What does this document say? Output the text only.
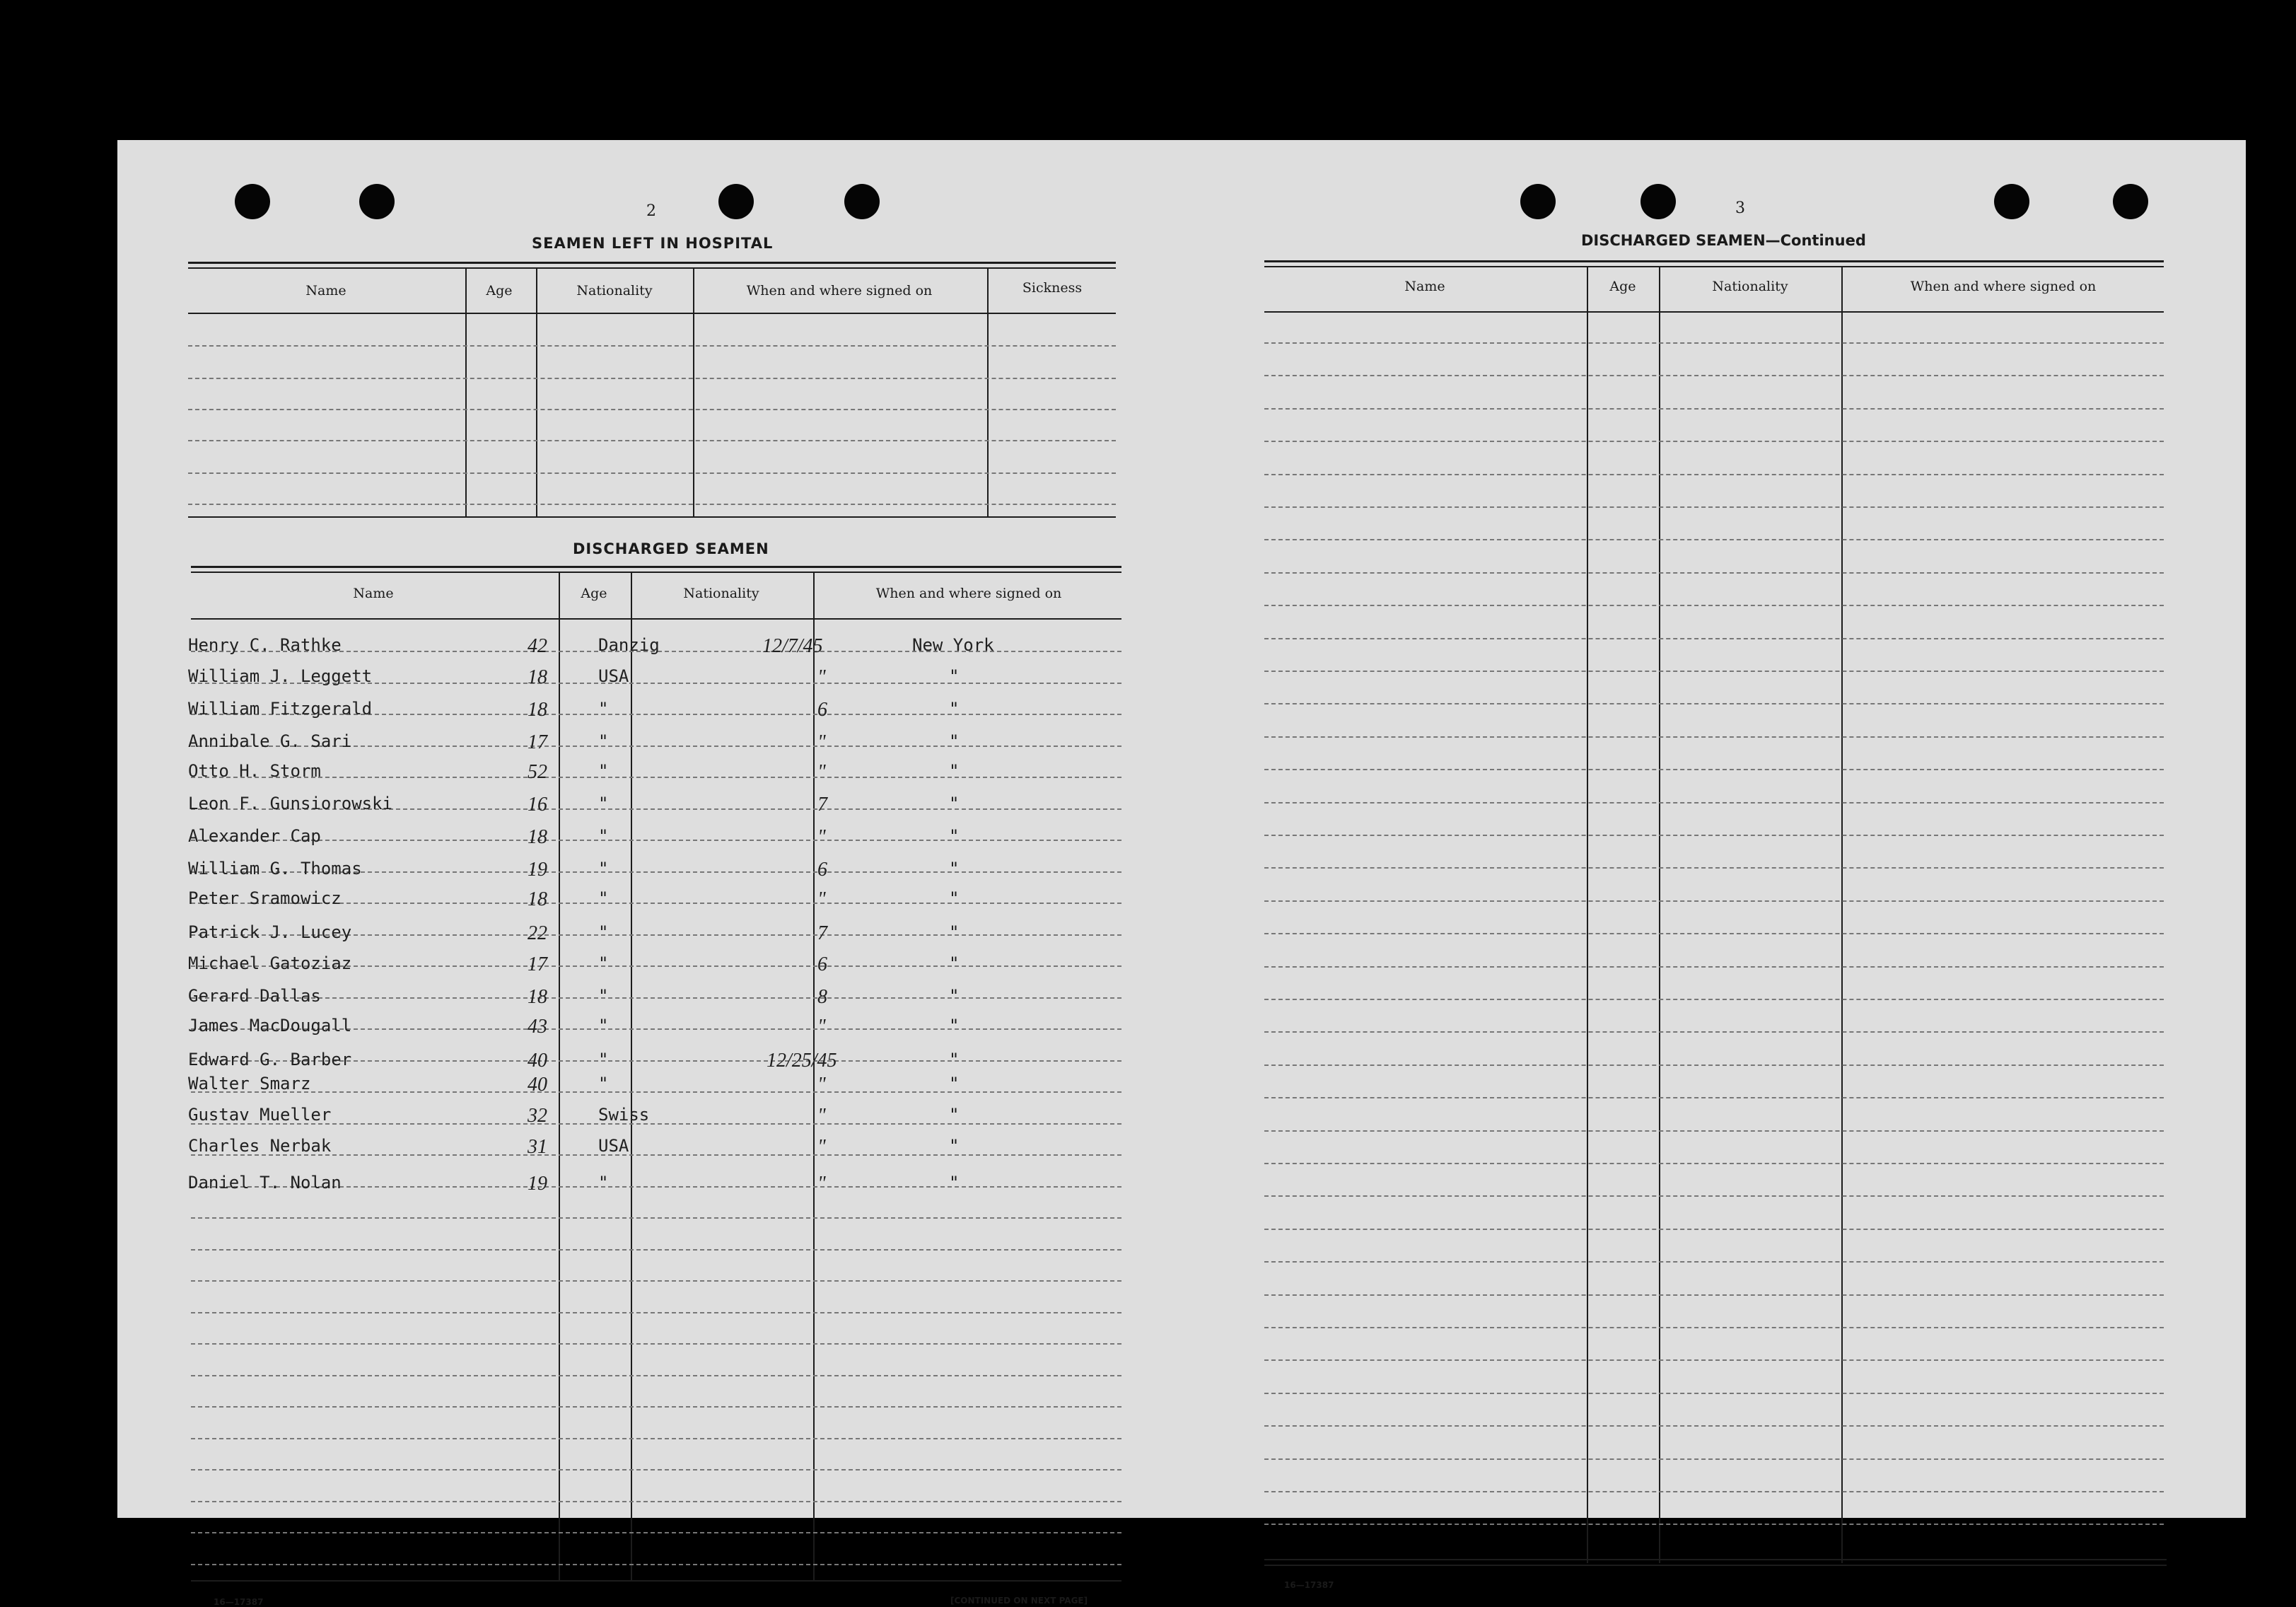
2
SEAMEN LEFT IN HOSPITAL
Name	Age	Nationality	When and where signed on	Sickness
DISCHARGED SEAMEN
Name	Age	Nationality	When and where signed on
Henry C. Rathke	42	Danzig	12/7/45	New York
William J. Leggett	18	USA	"	"
William Fitzgerald	18	"	6	"
Annibale G. Sari	17	"	"	"
Otto H. Storm	52	"	"	"
Leon F. Gunsiorowski	16	"	7	"
Alexander Cap	18	"	"	"
William G. Thomas	19	"	6	"
Peter Sramowicz	18	"	"	"
Patrick J. Lucey	22	"	7	"
Michael Gatoziaz	17	"	6	"
Gerard Dallas	18	"	8	"
James MacDougall	43	"	"	"
Edward G. Barber	40	"	12/25/45	"
Walter Smarz	40	"	"	"
Gustav Mueller	32	Swiss	"	"
Charles Nerbak	31	USA	"	"
Daniel T. Nolan	19	"	"	"
16—17387	[CONTINUED ON NEXT PAGE]
3
DISCHARGED SEAMEN—Continued
Name	Age	Nationality	When and where signed on
16—17387
